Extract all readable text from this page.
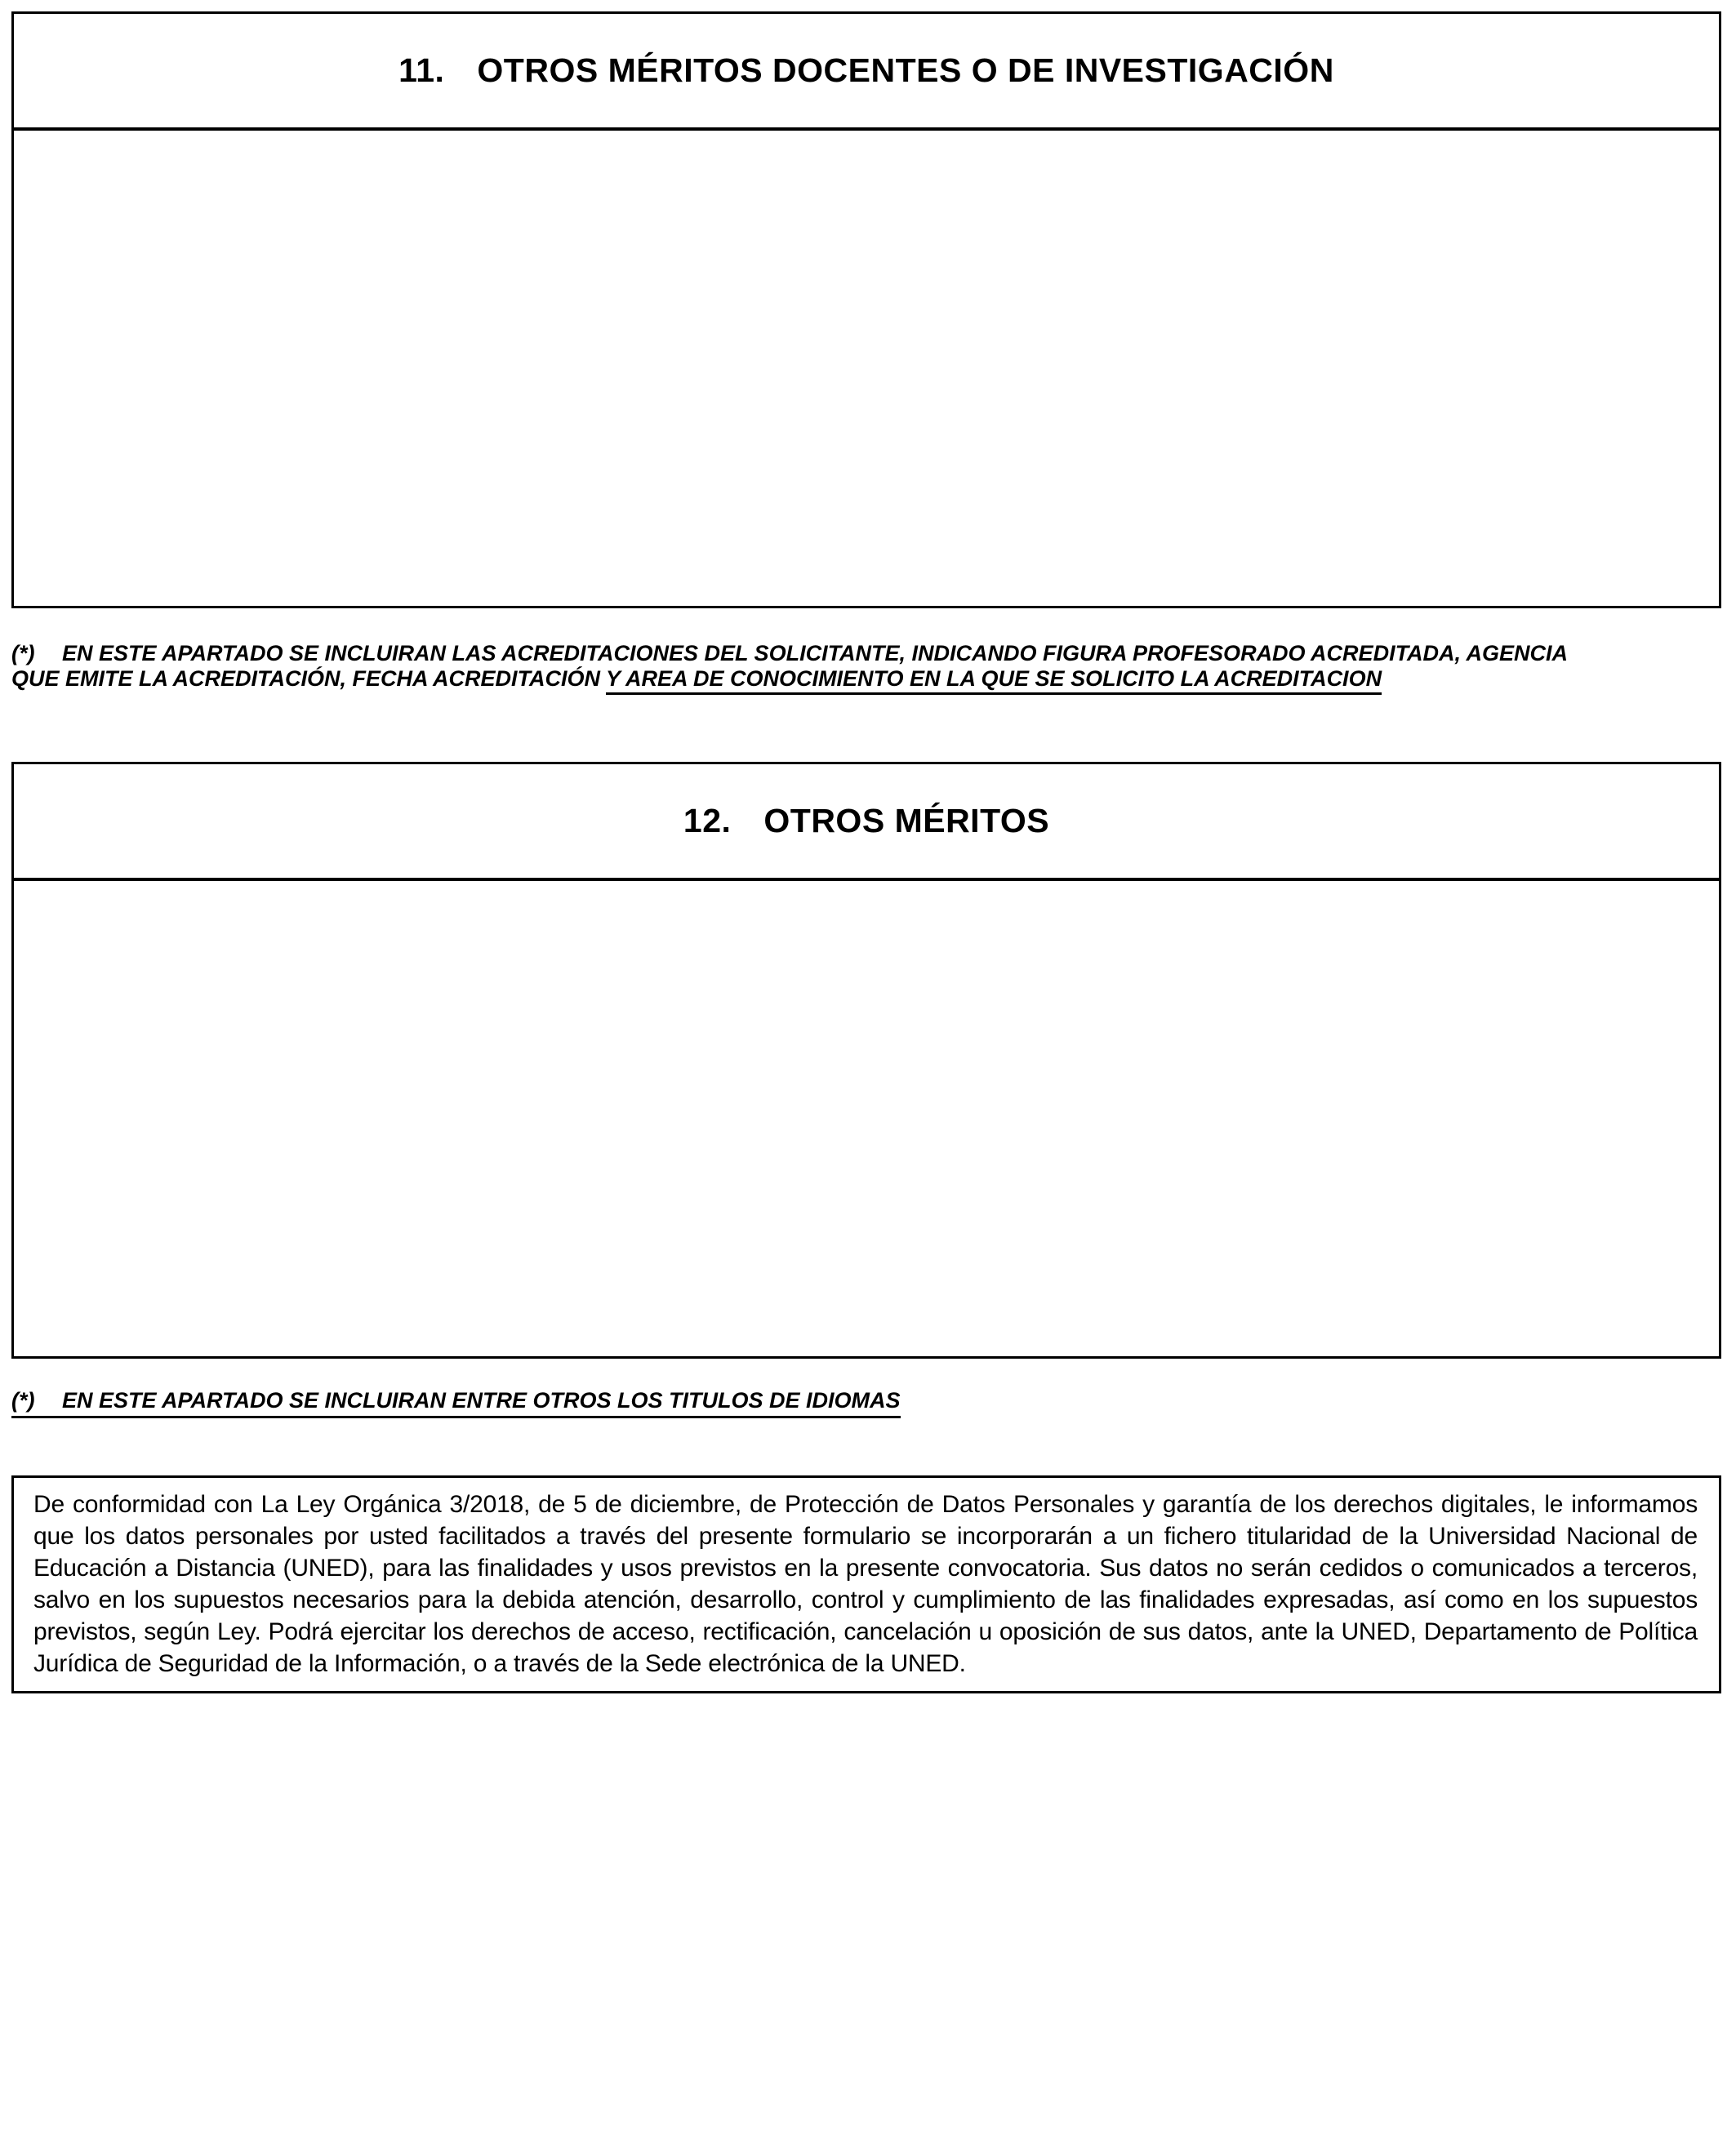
11. OTROS MÉRITOS DOCENTES O DE INVESTIGACIÓN

(*) EN ESTE APARTADO SE INCLUIRAN LAS ACREDITACIONES DEL SOLICITANTE, INDICANDO FIGURA PROFESORADO ACREDITADA, AGENCIA
QUE EMITE LA ACREDITACIÓN, FECHA ACREDITACIÓN Y AREA DE CONOCIMIENTO EN LA QUE SE SOLICITO LA ACREDITACION

12. OTROS MÉRITOS

(*) EN ESTE APARTADO SE INCLUIRAN ENTRE OTROS LOS TITULOS DE IDIOMAS

De conformidad con La Ley Orgánica 3/2018, de 5 de diciembre, de Protección de Datos Personales y garantía de los derechos digitales, le informamos que los datos personales por usted facilitados a través del presente formulario se incorporarán a un fichero titularidad de la Universidad Nacional de Educación a Distancia (UNED), para las finalidades y usos previstos en la presente convocatoria. Sus datos no serán cedidos o comunicados a terceros, salvo en los supuestos necesarios para la debida atención, desarrollo, control y cumplimiento de las finalidades expresadas, así como en los supuestos previstos, según Ley. Podrá ejercitar los derechos de acceso, rectificación, cancelación u oposición de sus datos, ante la UNED, Departamento de Política Jurídica de Seguridad de la Información, o a través de la Sede electrónica de la UNED.
